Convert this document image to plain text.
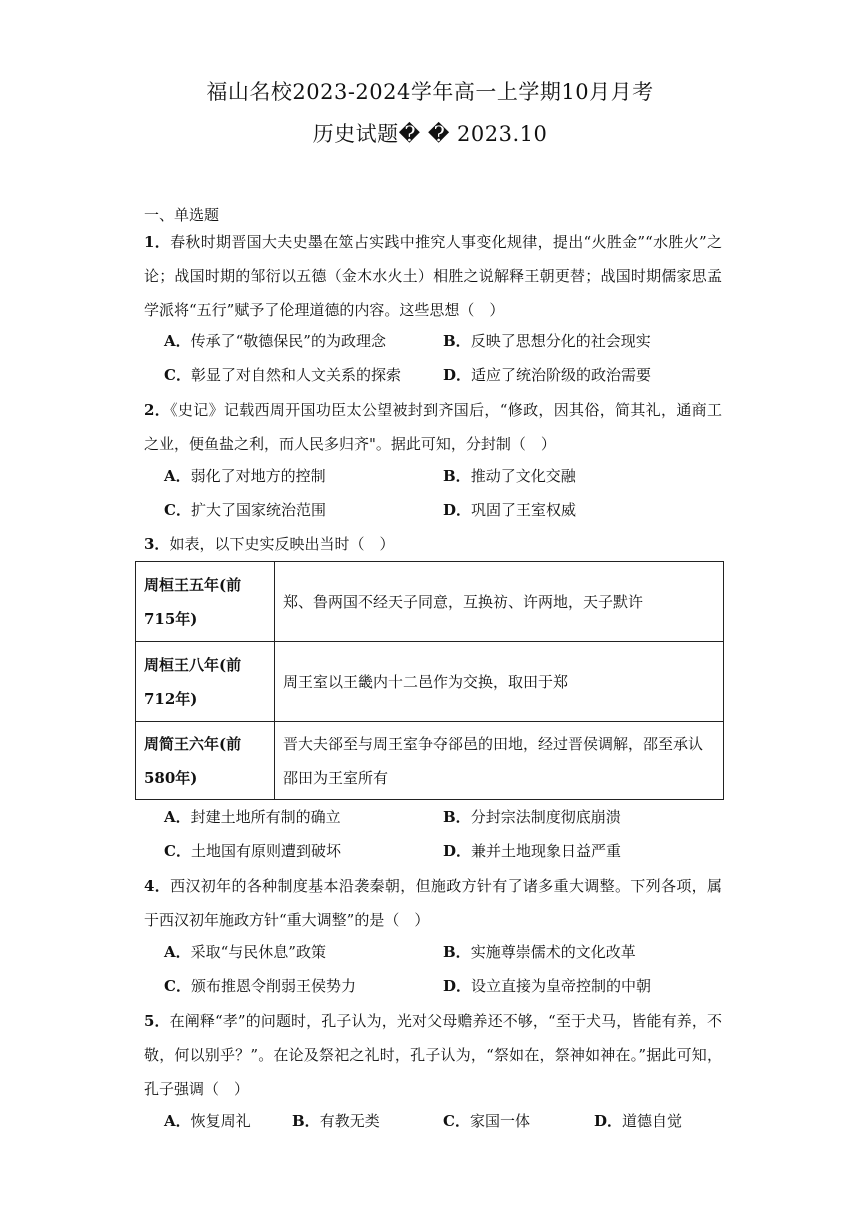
福山名校2023-2024学年高一上学期10月月考
历史试题� � 2023.10
一、单选题
1．春秋时期晋国大夫史墨在筮占实践中推究人事变化规律，提出“火胜金”“水胜火”之论；战国时期的邹衍以五德（金木水火土）相胜之说解释王朝更替；战国时期儒家思孟学派将“五行”赋予了伦理道德的内容。这些思想（　）
A．传承了“敬德保民”的为政理念	B．反映了思想分化的社会现实
C．彰显了对自然和人文关系的探索	D．适应了统治阶级的政治需要
2．《史记》记载西周开国功臣太公望被封到齐国后，“修政，因其俗，简其礼，通商工之业，便鱼盐之利，而人民多归齐"。据此可知，分封制（　）
A．弱化了对地方的控制	B．推动了文化交融
C．扩大了国家统治范围	D．巩固了王室权威
3．如表，以下史实反映出当时（　）
周桓王五年(前715年)	郑、鲁两国不经天子同意，互换祊、许两地，天子默许
周桓王八年(前712年)	周王室以王畿内十二邑作为交换，取田于郑
周简王六年(前580年)	晋大夫郤至与周王室争夺郤邑的田地，经过晋侯调解，邵至承认邵田为王室所有
A．封建土地所有制的确立	B．分封宗法制度彻底崩溃
C．土地国有原则遭到破坏	D．兼并土地现象日益严重
4．西汉初年的各种制度基本沿袭秦朝，但施政方针有了诸多重大调整。下列各项，属于西汉初年施政方针“重大调整”的是（　）
A．采取“与民休息”政策	B．实施尊崇儒术的文化改革
C．颁布推恩令削弱王侯势力	D．设立直接为皇帝控制的中朝
5．在阐释“孝”的问题时，孔子认为，光对父母赡养还不够，“至于犬马，皆能有养，不敬，何以别乎？”。在论及祭祀之礼时，孔子认为，“祭如在，祭神如神在。”据此可知，孔子强调（　）
A．恢复周礼	B．有教无类	C．家国一体	D．道德自觉
